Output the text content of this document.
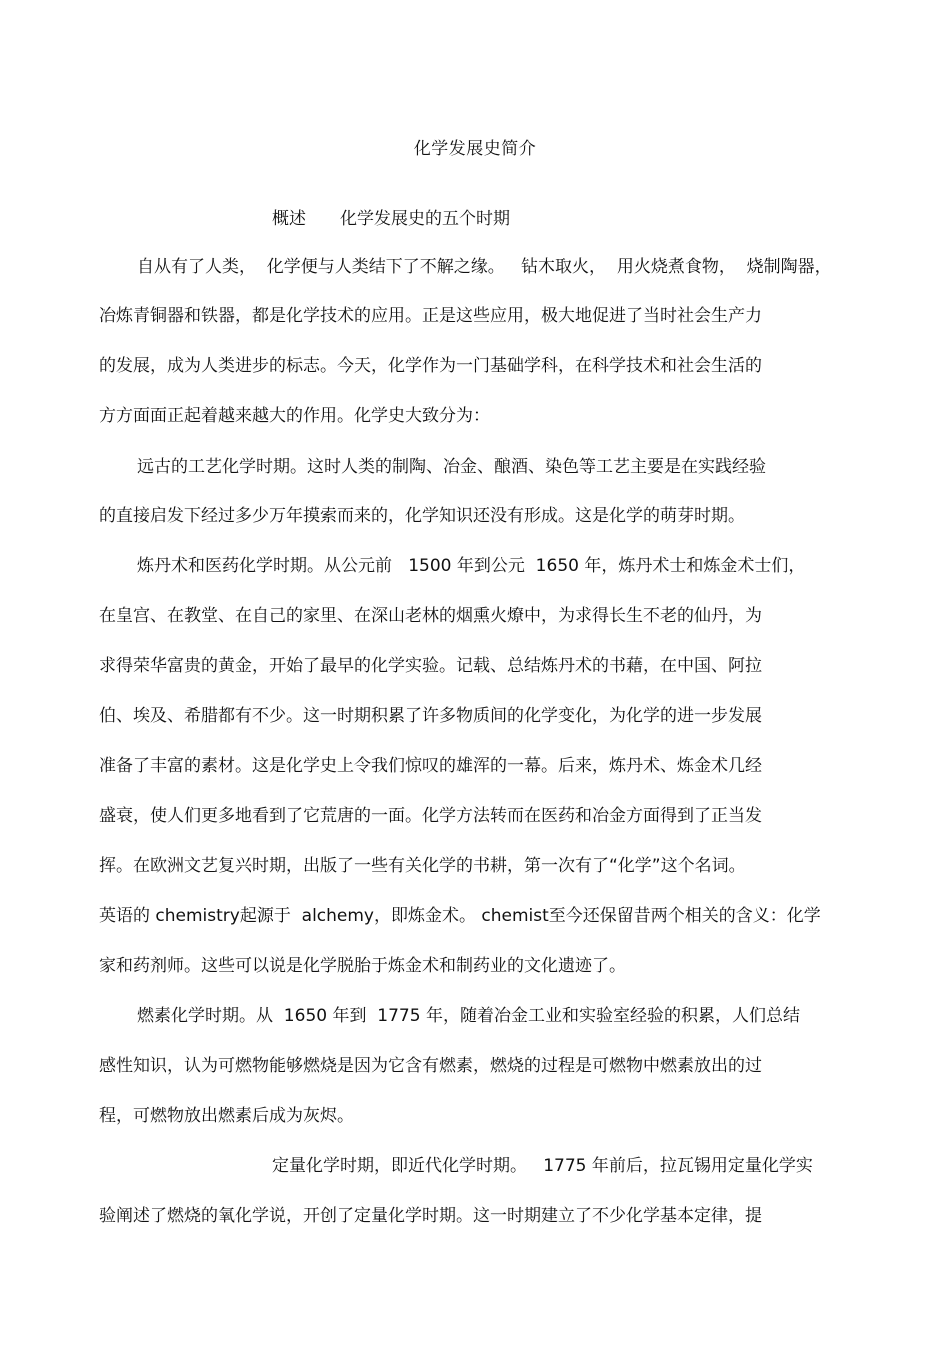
化学发展史简介
概述　　化学发展史的五个时期
自从有了人类，  化学便与人类结下了不解之缘。   钻木取火，  用火烧煮食物，  烧制陶器，
冶炼青铜器和铁器，都是化学技术的应用。正是这些应用，极大地促进了当时社会生产力
的发展，成为人类进步的标志。今天，化学作为一门基础学科，在科学技术和社会生活的
方方面面正起着越来越大的作用。化学史大致分为：
远古的工艺化学时期。这时人类的制陶、冶金、酿酒、染色等工艺主要是在实践经验
的直接启发下经过多少万年摸索而来的，化学知识还没有形成。这是化学的萌芽时期。
炼丹术和医药化学时期。从公元前   1500 年到公元  1650 年，炼丹术士和炼金术士们，
在皇宫、在教堂、在自己的家里、在深山老林的烟熏火燎中，为求得长生不老的仙丹，为
求得荣华富贵的黄金，开始了最早的化学实验。记载、总结炼丹术的书藉，在中国、阿拉
伯、埃及、希腊都有不少。这一时期积累了许多物质间的化学变化，为化学的进一步发展
准备了丰富的素材。这是化学史上令我们惊叹的雄浑的一幕。后来，炼丹术、炼金术几经
盛衰，使人们更多地看到了它荒唐的一面。化学方法转而在医药和冶金方面得到了正当发
挥。在欧洲文艺复兴时期，出版了一些有关化学的书耕，第一次有了“化学”这个名词。
英语的 chemistry起源于  alchemy，即炼金术。 chemist至今还保留昔两个相关的含义：化学
家和药剂师。这些可以说是化学脱胎于炼金术和制药业的文化遗迹了。
燃素化学时期。从  1650 年到  1775 年，随着冶金工业和实验室经验的积累，人们总结
感性知识，认为可燃物能够燃烧是因为它含有燃素，燃烧的过程是可燃物中燃素放出的过
程，可燃物放出燃素后成为灰烬。
定量化学时期，即近代化学时期。   1775 年前后，拉瓦锡用定量化学实
验阐述了燃烧的氧化学说，开创了定量化学时期。这一时期建立了不少化学基本定律，提
